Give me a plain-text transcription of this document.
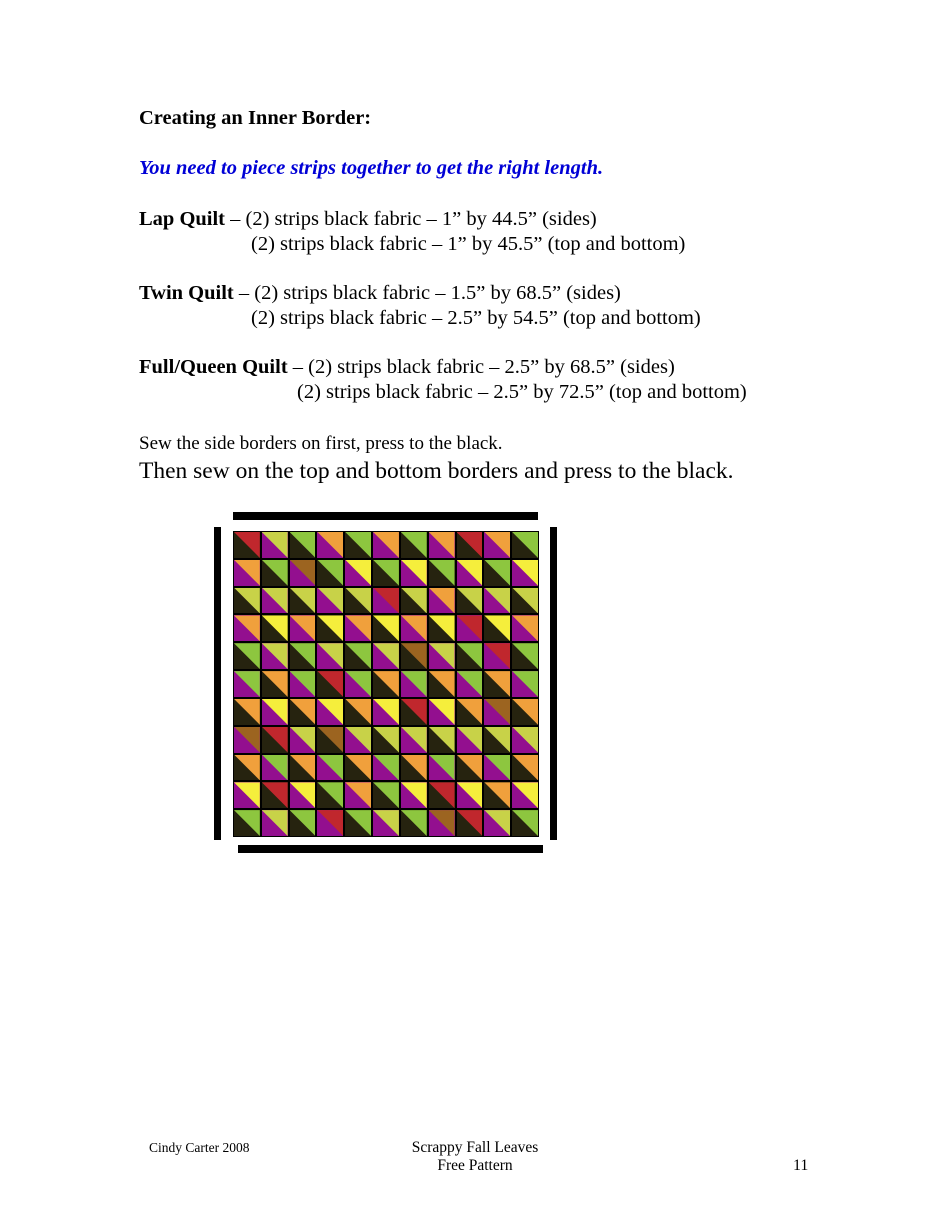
Creating an Inner Border:

You need to piece strips together to get the right length.

Lap Quilt – (2) strips black fabric – 1” by 44.5” (sides)
(2) strips black fabric – 1” by 45.5” (top and bottom)

Twin Quilt – (2) strips black fabric – 1.5” by 68.5” (sides)
(2) strips black fabric – 2.5” by 54.5” (top and bottom)

Full/Queen Quilt – (2) strips black fabric – 2.5” by 68.5” (sides)
(2) strips black fabric – 2.5” by 72.5” (top and bottom)

Sew the side borders on first, press to the black.

Then sew on the top and bottom borders and press to the black.

Cindy Carter 2008	Scrappy Fall Leaves
Free Pattern	11
